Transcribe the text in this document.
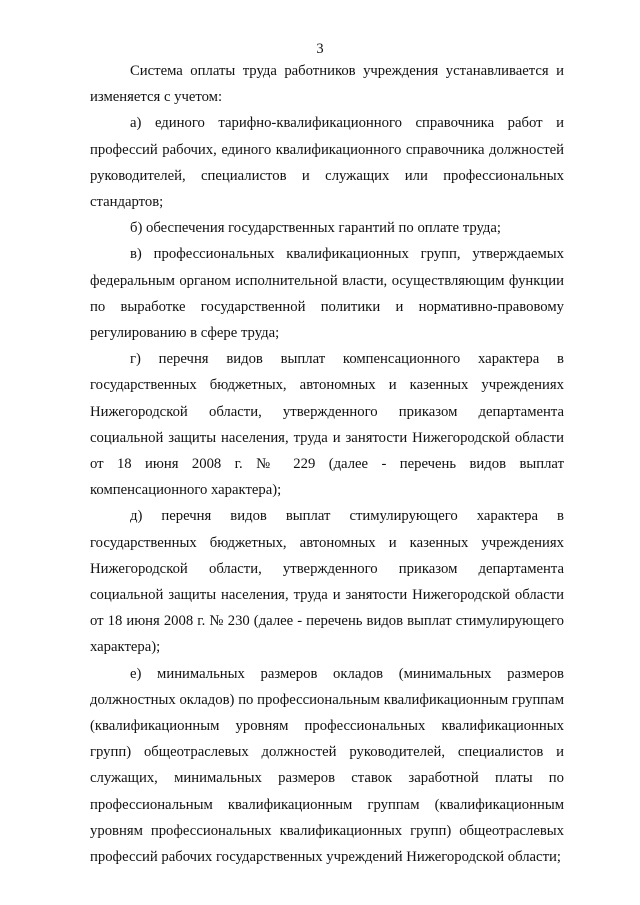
3

Система оплаты труда работников учреждения устанавливается и изменяется с учетом:

а) единого тарифно-квалификационного справочника работ и профессий рабочих, единого квалификационного справочника должностей руководителей, специалистов и служащих или профессиональных стандартов;

б) обеспечения государственных гарантий по оплате труда;

в) профессиональных квалификационных групп, утверждаемых федеральным органом исполнительной власти, осуществляющим функции по выработке государственной политики и нормативно-правовому регулированию в сфере труда;

г) перечня видов выплат компенсационного характера в государственных бюджетных, автономных и казенных учреждениях Нижегородской области, утвержденного приказом департамента социальной защиты населения, труда и занятости Нижегородской области от 18 июня 2008 г. № 229 (далее - перечень видов выплат компенсационного характера);

д) перечня видов выплат стимулирующего характера в государственных бюджетных, автономных и казенных учреждениях Нижегородской области, утвержденного приказом департамента социальной защиты населения, труда и занятости Нижегородской области от 18 июня 2008 г. № 230 (далее - перечень видов выплат стимулирующего характера);

е) минимальных размеров окладов (минимальных размеров должностных окладов) по профессиональным квалификационным группам (квалификационным уровням профессиональных квалификационных групп) общеотраслевых должностей руководителей, специалистов и служащих, минимальных размеров ставок заработной платы по профессиональным квалификационным группам (квалификационным уровням профессиональных квалификационных групп) общеотраслевых профессий рабочих государственных учреждений Нижегородской области;
